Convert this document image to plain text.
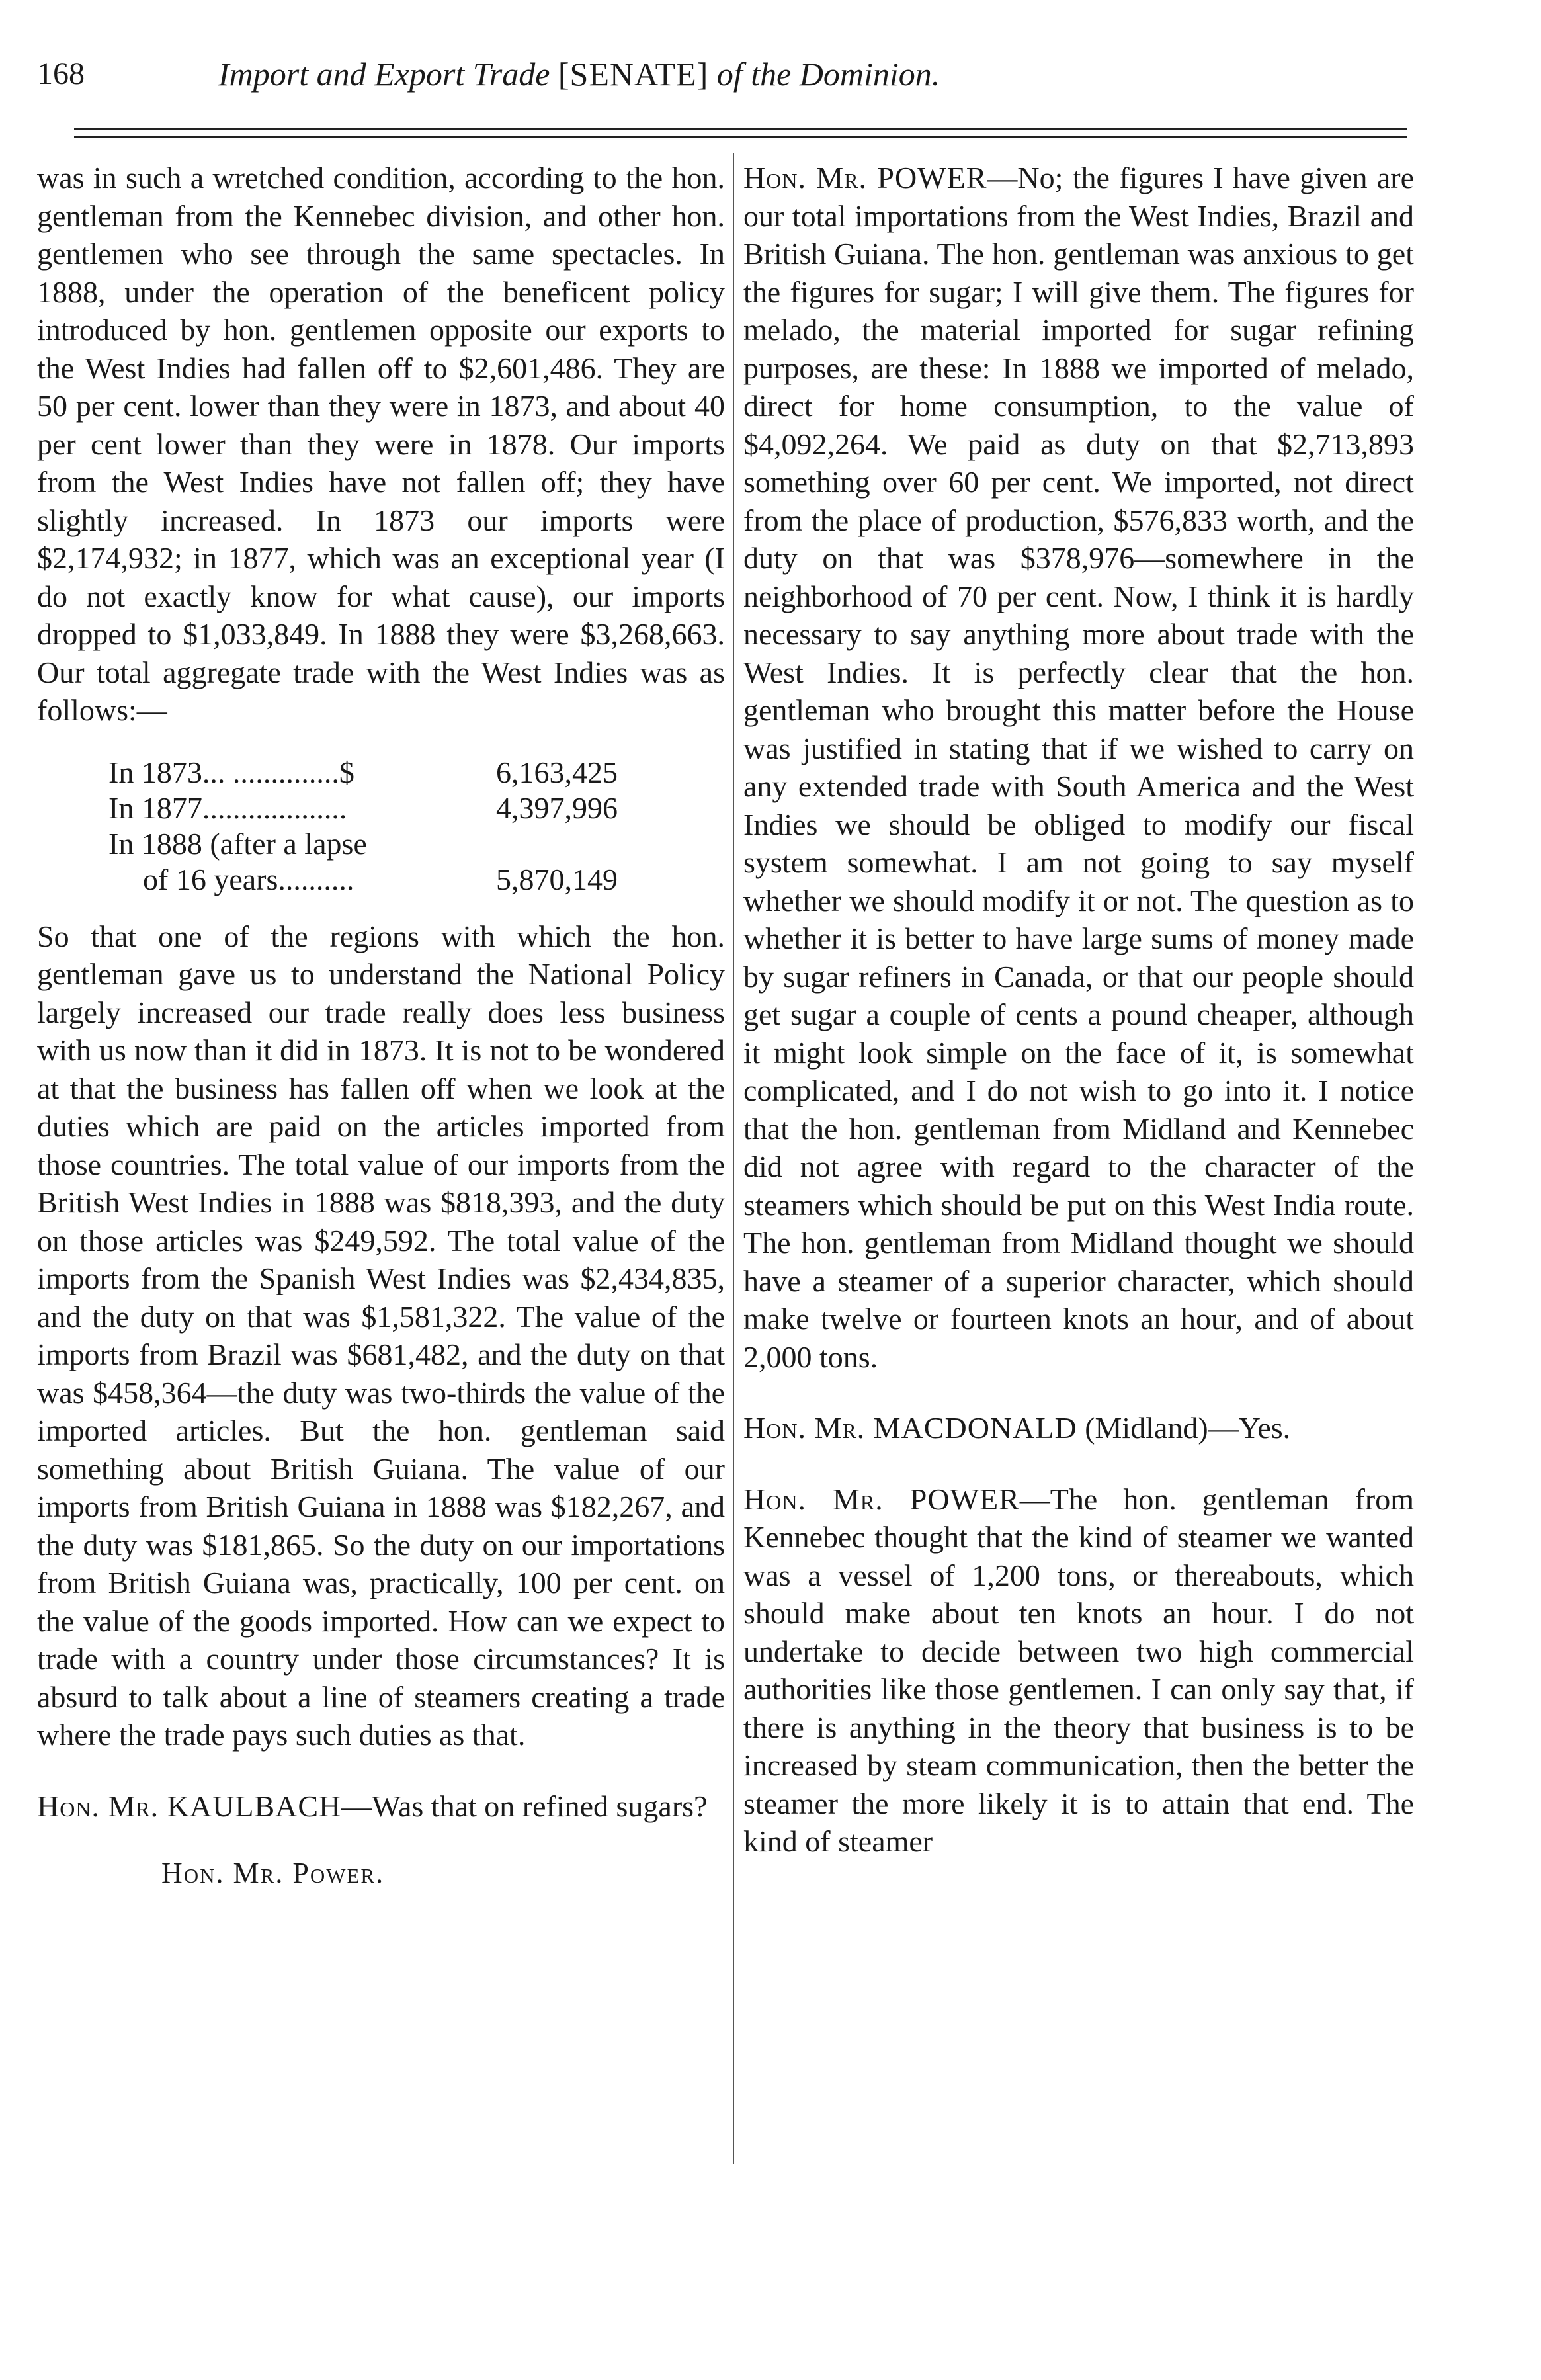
168	Import and Export Trade [SENATE] of the Dominion.

was in such a wretched condition, according to the hon. gentleman from the Kennebec division, and other hon. gentlemen who see through the same spectacles. In 1888, under the operation of the beneficent policy introduced by hon. gentlemen opposite our exports to the West Indies had fallen off to $2,601,486. They are 50 per cent. lower than they were in 1873, and about 40 per cent lower than they were in 1878. Our imports from the West Indies have not fallen off; they have slightly increased. In 1873 our imports were $2,174,932; in 1877, which was an exceptional year (I do not exactly know for what cause), our imports dropped to $1,033,849. In 1888 they were $3,268,663. Our total aggregate trade with the West Indies was as follows:—

In 1873... ..............$	6,163,425
In 1877...................	4,397,996
In 1888 (after a lapse
of 16 years..........	5,870,149

So that one of the regions with which the hon. gentleman gave us to understand the National Policy largely increased our trade really does less business with us now than it did in 1873. It is not to be wondered at that the business has fallen off when we look at the duties which are paid on the articles imported from those countries. The total value of our imports from the British West Indies in 1888 was $818,393, and the duty on those articles was $249,592. The total value of the imports from the Spanish West Indies was $2,434,835, and the duty on that was $1,581,322. The value of the imports from Brazil was $681,482, and the duty on that was $458,364—the duty was two-thirds the value of the imported articles. But the hon. gentleman said something about British Guiana. The value of our imports from British Guiana in 1888 was $182,267, and the duty was $181,865. So the duty on our importations from British Guiana was, practically, 100 per cent. on the value of the goods imported. How can we expect to trade with a country under those circumstances? It is absurd to talk about a line of steamers creating a trade where the trade pays such duties as that.

Hon. Mr. KAULBACH—Was that on refined sugars?

Hon. Mr. Power.

Hon. Mr. POWER—No; the figures I have given are our total importations from the West Indies, Brazil and British Guiana. The hon. gentleman was anxious to get the figures for sugar; I will give them. The figures for melado, the material imported for sugar refining purposes, are these: In 1888 we imported of melado, direct for home consumption, to the value of $4,092,264. We paid as duty on that $2,713,893 something over 60 per cent. We imported, not direct from the place of production, $576,833 worth, and the duty on that was $378,976—somewhere in the neighborhood of 70 per cent. Now, I think it is hardly necessary to say anything more about trade with the West Indies. It is perfectly clear that the hon. gentleman who brought this matter before the House was justified in stating that if we wished to carry on any extended trade with South America and the West Indies we should be obliged to modify our fiscal system somewhat. I am not going to say myself whether we should modify it or not. The question as to whether it is better to have large sums of money made by sugar refiners in Canada, or that our people should get sugar a couple of cents a pound cheaper, although it might look simple on the face of it, is somewhat complicated, and I do not wish to go into it. I notice that the hon. gentleman from Midland and Kennebec did not agree with regard to the character of the steamers which should be put on this West India route. The hon. gentleman from Midland thought we should have a steamer of a superior character, which should make twelve or fourteen knots an hour, and of about 2,000 tons.

Hon. Mr. MACDONALD (Midland)—Yes.

Hon. Mr. POWER—The hon. gentleman from Kennebec thought that the kind of steamer we wanted was a vessel of 1,200 tons, or thereabouts, which should make about ten knots an hour. I do not undertake to decide between two high commercial authorities like those gentlemen. I can only say that, if there is anything in the theory that business is to be increased by steam communication, then the better the steamer the more likely it is to attain that end. The kind of steamer
